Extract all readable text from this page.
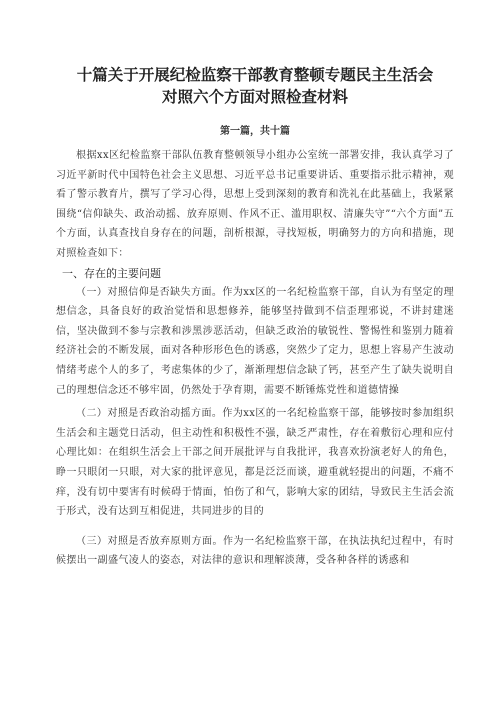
十篇关于开展纪检监察干部教育整顿专题民主生活会
对照六个方面对照检查材料
第一篇，共十篇

根据xx区纪检监察干部队伍教育整顿领导小组办公室统一部署安排，我认真学习了习近平新时代中国特色社会主义思想、习近平总书记重要讲话、重要指示批示精神，观看了警示教育片，撰写了学习心得，思想上受到深刻的教育和洗礼在此基础上，我紧紧围绕“信仰缺失、政治动摇、放弃原则、作风不正、滥用职权、清廉失守”“六个方面”五个方面，认真查找自身存在的问题，剖析根源，寻找短板，明确努力的方向和措施，现对照检查如下：

一、存在的主要问题

（一）对照信仰是否缺失方面。作为xx区的一名纪检监察干部，自认为有坚定的理想信念，具备良好的政治觉悟和思想修养，能够坚持做到不信歪理邪说，不讲封建迷信，坚决做到不参与宗教和涉黑涉恶活动，但缺乏政治的敏锐性、警惕性和鉴别力随着经济社会的不断发展，面对各种形形色色的诱惑，突然少了定力，思想上容易产生波动情绪考虑个人的多了，考虑集体的少了，渐渐理想信念缺了钙，甚至产生了缺失说明自己的理想信念还不够牢固，仍然处于孕育期，需要不断锤炼党性和道德情操

（二）对照是否政治动摇方面。作为xx区的一名纪检监察干部，能够按时参加组织生活会和主题党日活动，但主动性和积极性不强，缺乏严肃性，存在着敷衍心理和应付心理比如：在组织生活会上干部之间开展批评与自我批评，我喜欢扮演老好人的角色，睁一只眼闭一只眼，对大家的批评意见，都是泛泛而谈，避重就轻提出的问题，不痛不痒，没有切中要害有时候碍于情面，怕伤了和气，影响大家的团结，导致民主生活会流于形式，没有达到互相促进，共同进步的目的

（三）对照是否放弃原则方面。作为一名纪检监察干部，在执法执纪过程中，有时候摆出一副盛气凌人的姿态，对法律的意识和理解淡薄，受各种各样的诱惑和
